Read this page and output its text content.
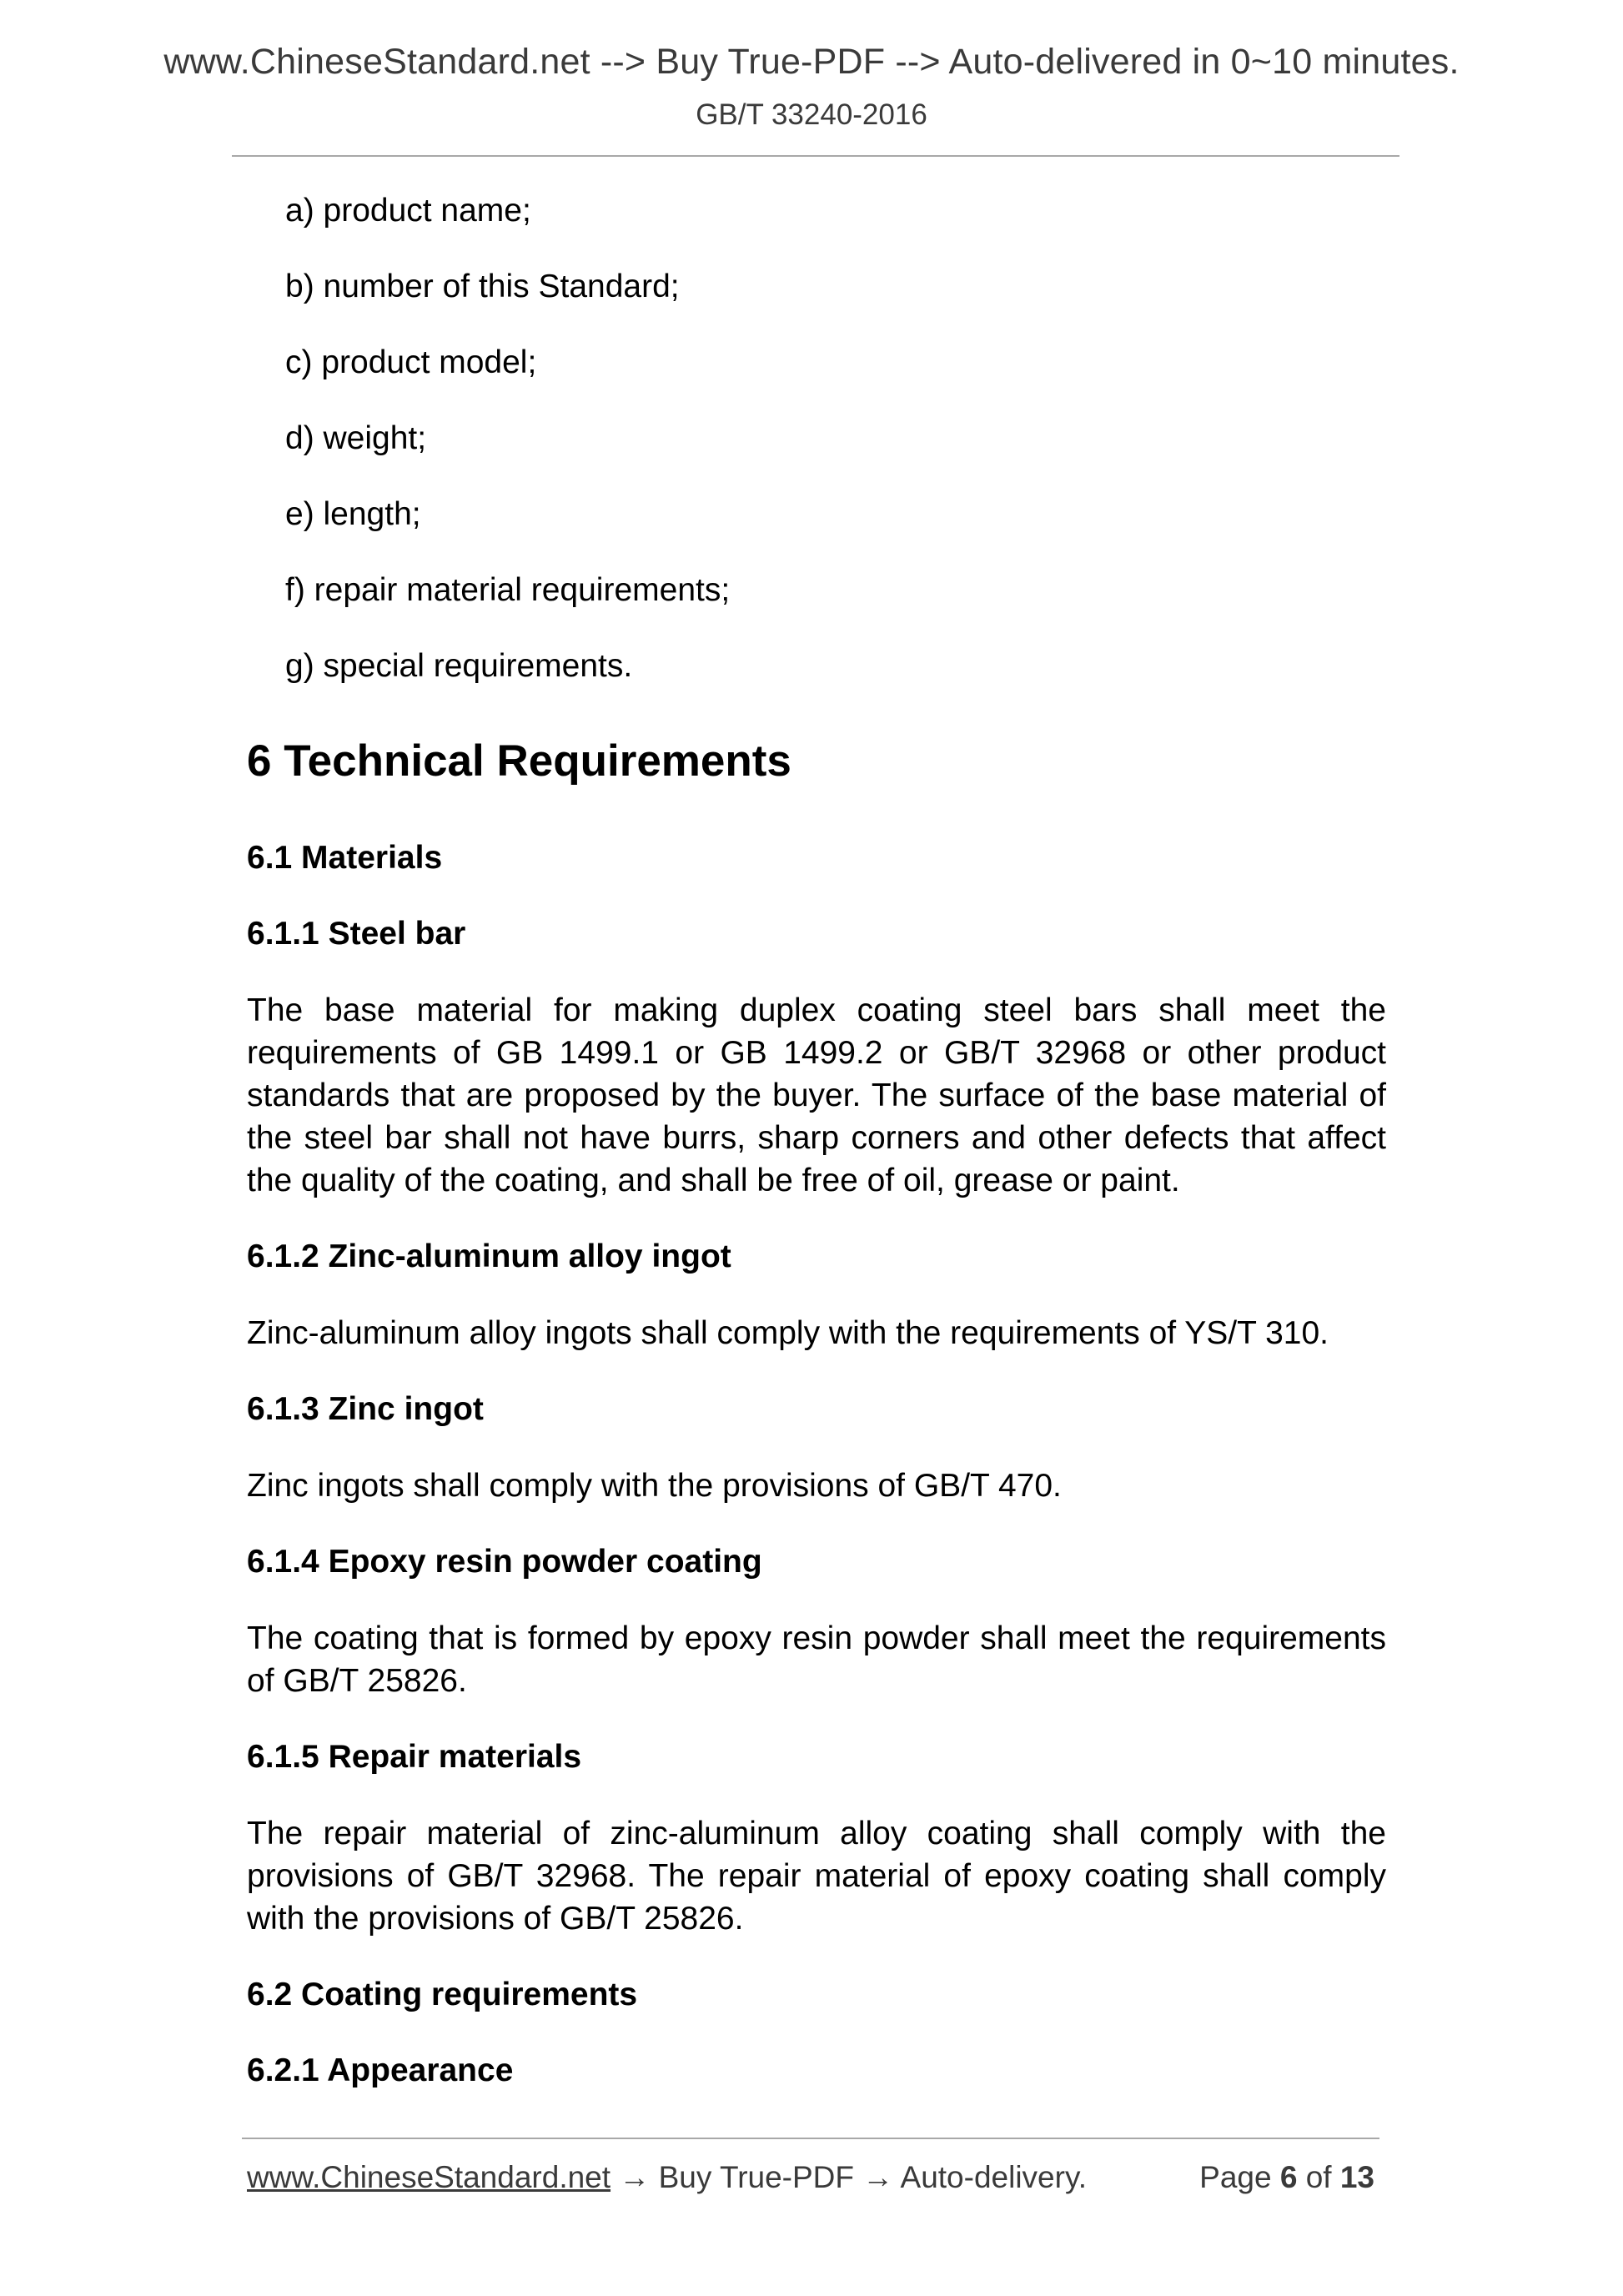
www.ChineseStandard.net --> Buy True-PDF --> Auto-delivered in 0~10 minutes.
GB/T 33240-2016
a) product name;
b) number of this Standard;
c) product model;
d) weight;
e) length;
f) repair material requirements;
g) special requirements.
6 Technical Requirements
6.1 Materials
6.1.1 Steel bar
The base material for making duplex coating steel bars shall meet the requirements of GB 1499.1 or GB 1499.2 or GB/T 32968 or other product standards that are proposed by the buyer. The surface of the base material of the steel bar shall not have burrs, sharp corners and other defects that affect the quality of the coating, and shall be free of oil, grease or paint.
6.1.2 Zinc-aluminum alloy ingot
Zinc-aluminum alloy ingots shall comply with the requirements of YS/T 310.
6.1.3 Zinc ingot
Zinc ingots shall comply with the provisions of GB/T 470.
6.1.4 Epoxy resin powder coating
The coating that is formed by epoxy resin powder shall meet the requirements of GB/T 25826.
6.1.5 Repair materials
The repair material of zinc-aluminum alloy coating shall comply with the provisions of GB/T 32968. The repair material of epoxy coating shall comply with the provisions of GB/T 25826.
6.2 Coating requirements
6.2.1 Appearance
www.ChineseStandard.net → Buy True-PDF → Auto-delivery.	Page 6 of 13
